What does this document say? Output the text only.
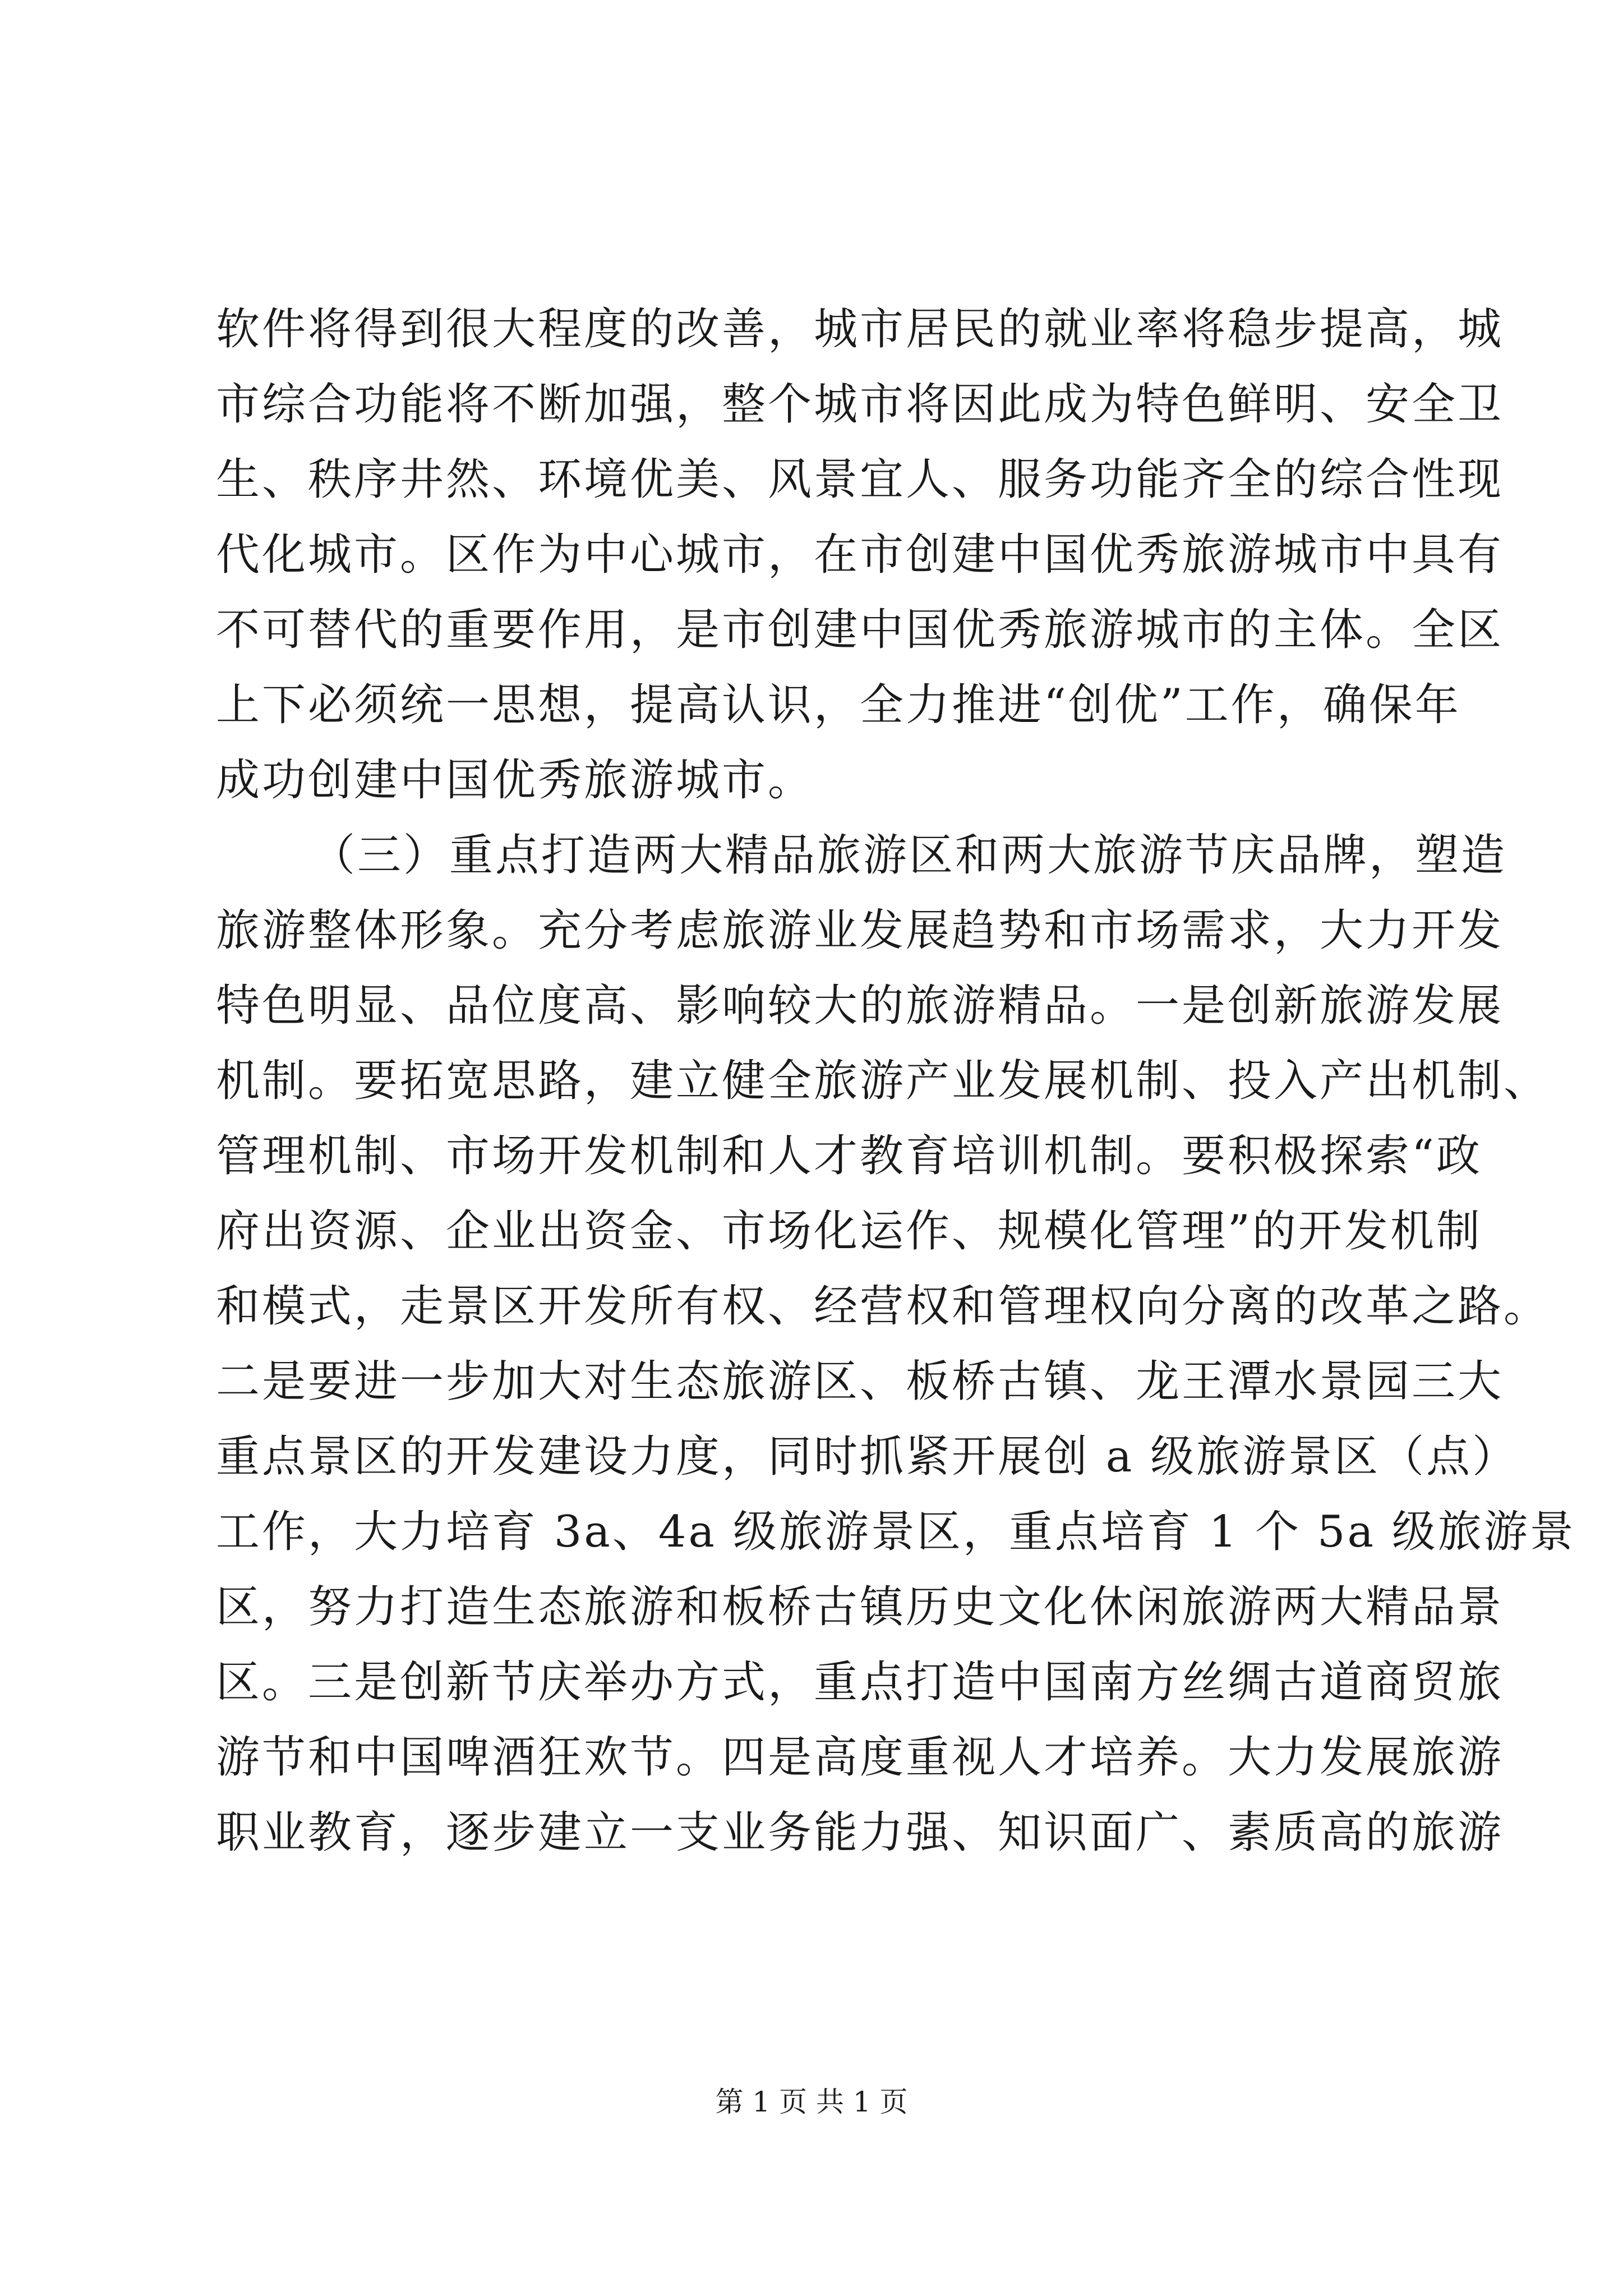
软件将得到很大程度的改善，城市居民的就业率将稳步提高，城
市综合功能将不断加强，整个城市将因此成为特色鲜明、安全卫
生、秩序井然、环境优美、风景宜人、服务功能齐全的综合性现
代化城市。区作为中心城市，在市创建中国优秀旅游城市中具有
不可替代的重要作用，是市创建中国优秀旅游城市的主体。全区
上下必须统一思想，提高认识，全力推进“创优”工作，确保年
成功创建中国优秀旅游城市。
（三）重点打造两大精品旅游区和两大旅游节庆品牌，塑造
旅游整体形象。充分考虑旅游业发展趋势和市场需求，大力开发
特色明显、品位度高、影响较大的旅游精品。一是创新旅游发展
机制。要拓宽思路，建立健全旅游产业发展机制、投入产出机制、
管理机制、市场开发机制和人才教育培训机制。要积极探索“政
府出资源、企业出资金、市场化运作、规模化管理”的开发机制
和模式，走景区开发所有权、经营权和管理权向分离的改革之路。
二是要进一步加大对生态旅游区、板桥古镇、龙王潭水景园三大
重点景区的开发建设力度，同时抓紧开展创 a 级旅游景区（点）
工作，大力培育 3a、4a 级旅游景区，重点培育 1 个 5a 级旅游景
区，努力打造生态旅游和板桥古镇历史文化休闲旅游两大精品景
区。三是创新节庆举办方式，重点打造中国南方丝绸古道商贸旅
游节和中国啤酒狂欢节。四是高度重视人才培养。大力发展旅游
职业教育，逐步建立一支业务能力强、知识面广、素质高的旅游
第 1 页 共 1 页
